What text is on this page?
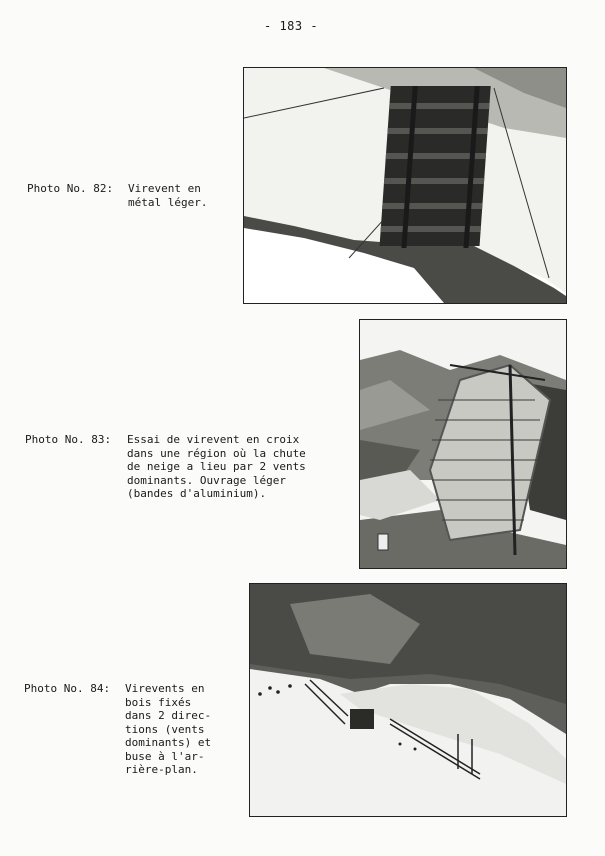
- 183 -
Photo No. 82: Virevent en
métal léger.
Photo No. 83: Essai de virevent en croix
dans une région où la chute
de neige a lieu par 2 vents
dominants. Ouvrage léger
(bandes d'aluminium).
Photo No. 84: Virevents en
bois fixés
dans 2 direc-
tions (vents
dominants) et
buse à l'ar-
rière-plan.
